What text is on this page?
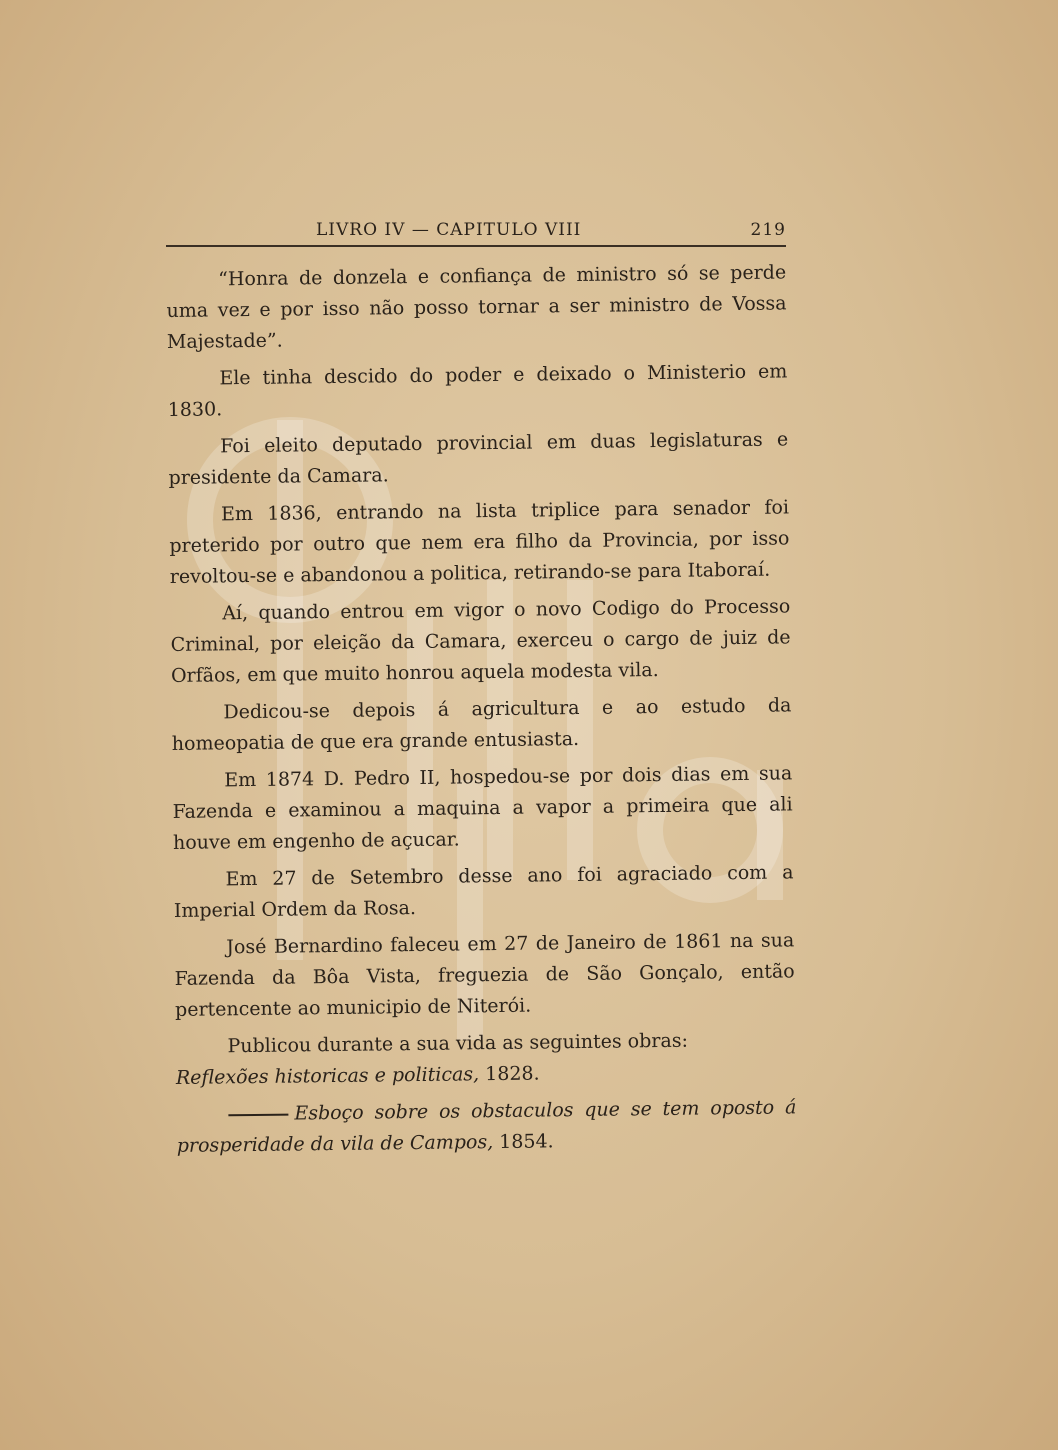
LIVRO IV — CAPITULO VIII	219

“Honra de donzela e confiança de ministro só se perde uma vez e por isso não posso tornar a ser ministro de Vossa Majestade”.

Ele tinha descido do poder e deixado o Ministerio em 1830.

Foi eleito deputado provincial em duas legislaturas e presidente da Camara.

Em 1836, entrando na lista triplice para senador foi preterido por outro que nem era filho da Provincia, por isso revoltou-se e abandonou a politica, retirando-se para Itaboraí.

Aí, quando entrou em vigor o novo Codigo do Processo Criminal, por eleição da Camara, exerceu o cargo de juiz de Orfãos, em que muito honrou aquela modesta vila.

Dedicou-se depois á agricultura e ao estudo da homeopatia de que era grande entusiasta.

Em 1874 D. Pedro II, hospedou-se por dois dias em sua Fazenda e examinou a maquina a vapor a primeira que ali houve em engenho de açucar.

Em 27 de Setembro desse ano foi agraciado com a Imperial Ordem da Rosa.

José Bernardino faleceu em 27 de Janeiro de 1861 na sua Fazenda da Bôa Vista, freguezia de São Gonçalo, então pertencente ao municipio de Niterói.

Publicou durante a sua vida as seguintes obras:

Reflexões historicas e politicas, 1828.

Esboço sobre os obstaculos que se tem oposto á prosperidade da vila de Campos, 1854.
